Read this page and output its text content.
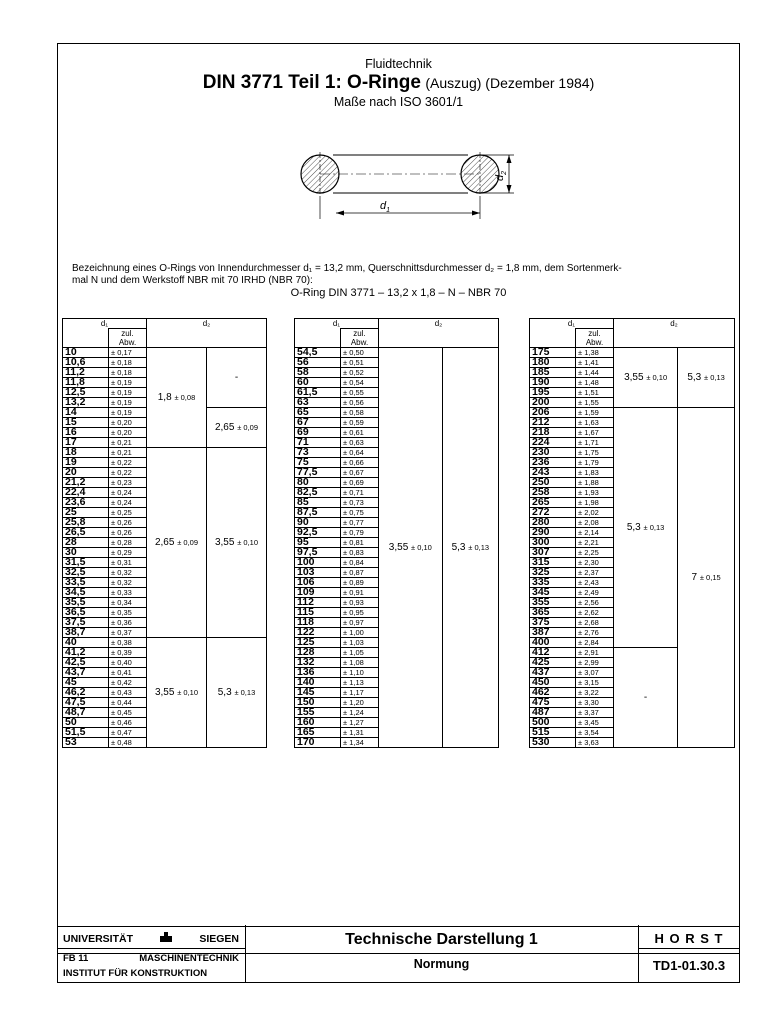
Fluidtechnik
DIN 3771 Teil 1: O-Ringe (Auszug) (Dezember 1984)
Maße nach ISO 3601/1
$d_1$
$d_2$
Bezeichnung eines O-Rings von Innendurchmesser d₁ = 13,2 mm, Querschnittsdurchmesser d₂ = 1,8 mm, dem Sortenmerk-
mal N und dem Werkstoff NBR mit 70 IRHD (NBR 70):
O-Ring DIN 3771 – 13,2 x 1,8 – N – NBR 70
d₁		d₂	
	zul.
Abw.		
10	± 0,17	1,8 ± 0,08	-
10,6	± 0,18		
11,2	± 0,18		
11,8	± 0,19		
12,5	± 0,19		
13,2	± 0,19		
14	± 0,19		2,65 ± 0,09
15	± 0,20		
16	± 0,20		
17	± 0,21		
18	± 0,21	2,65 ± 0,09	3,55 ± 0,10
19	± 0,22		
20	± 0,22		
21,2	± 0,23		
22,4	± 0,24		
23,6	± 0,24		
25	± 0,25		
25,8	± 0,26		
26,5	± 0,26		
28	± 0,28		
30	± 0,29		
31,5	± 0,31		
32,5	± 0,32		
33,5	± 0,32		
34,5	± 0,33		
35,5	± 0,34		
36,5	± 0,35		
37,5	± 0,36		
38,7	± 0,37		
40	± 0,38	3,55 ± 0,10	5,3 ± 0,13
41,2	± 0,39		
42,5	± 0,40		
43,7	± 0,41		
45	± 0,42		
46,2	± 0,43		
47,5	± 0,44		
48,7	± 0,45		
50	± 0,46		
51,5	± 0,47		
53	± 0,48		
d₁		d₂	
	zul.
Abw.		
54,5	± 0,50	3,55 ± 0,10	5,3 ± 0,13
56	± 0,51		
58	± 0,52		
60	± 0,54		
61,5	± 0,55		
63	± 0,56		
65	± 0,58		
67	± 0,59		
69	± 0,61		
71	± 0,63		
73	± 0,64		
75	± 0,66		
77,5	± 0,67		
80	± 0,69		
82,5	± 0,71		
85	± 0,73		
87,5	± 0,75		
90	± 0,77		
92,5	± 0,79		
95	± 0,81		
97,5	± 0,83		
100	± 0,84		
103	± 0,87		
106	± 0,89		
109	± 0,91		
112	± 0,93		
115	± 0,95		
118	± 0,97		
122	± 1,00		
125	± 1,03		
128	± 1,05		
132	± 1,08		
136	± 1,10		
140	± 1,13		
145	± 1,17		
150	± 1,20		
155	± 1,24		
160	± 1,27		
165	± 1,31		
170	± 1,34		
d₁		d₂	
	zul.
Abw.		
175	± 1,38	3,55 ± 0,10	5,3 ± 0,13
180	± 1,41		
185	± 1,44		
190	± 1,48		
195	± 1,51		
200	± 1,55		
206	± 1,59	5,3 ± 0,13	7 ± 0,15
212	± 1,63		
218	± 1,67		
224	± 1,71		
230	± 1,75		
236	± 1,79		
243	± 1,83		
250	± 1,88		
258	± 1,93		
265	± 1,98		
272	± 2,02		
280	± 2,08		
290	± 2,14		
300	± 2,21		
307	± 2,25		
315	± 2,30		
325	± 2,37		
335	± 2,43		
345	± 2,49		
355	± 2,56		
365	± 2,62		
375	± 2,68		
387	± 2,76		
400	± 2,84		
412	± 2,91	-	
425	± 2,99		
437	± 3,07		
450	± 3,15		
462	± 3,22		
475	± 3,30		
487	± 3,37		
500	± 3,45		
515	± 3,54		
530	± 3,63		
UNIVERSITÄT	SIEGEN
FB 11	MASCHINENTECHNIK
INSTITUT FÜR KONSTRUKTION
Technische Darstellung 1
Normung
H O R S T
TD1-01.30.3
